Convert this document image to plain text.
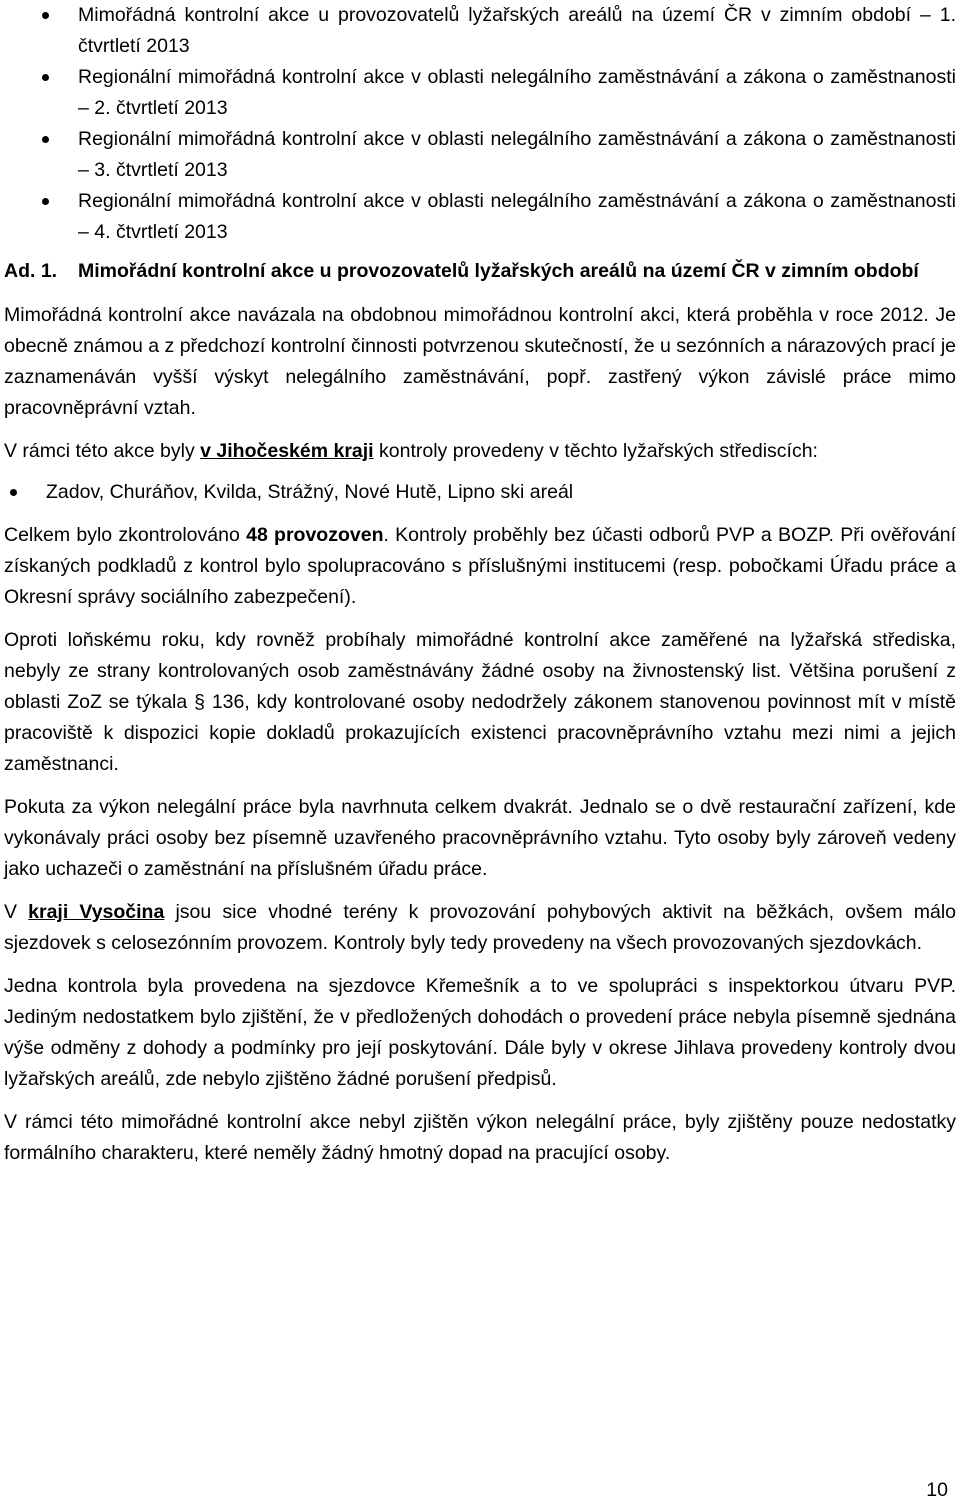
Mimořádná kontrolní akce u provozovatelů lyžařských areálů na území ČR v zimním období – 1. čtvrtletí 2013
Regionální mimořádná kontrolní akce v oblasti nelegálního zaměstnávání a zákona o zaměstnanosti – 2. čtvrtletí 2013
Regionální mimořádná kontrolní akce v oblasti nelegálního zaměstnávání a zákona o zaměstnanosti – 3. čtvrtletí 2013
Regionální mimořádná kontrolní akce v oblasti nelegálního zaměstnávání a zákona o zaměstnanosti – 4. čtvrtletí 2013
Ad. 1.	Mimořádní kontrolní akce u provozovatelů lyžařských areálů na území ČR v zimním období

Mimořádná kontrolní akce navázala na obdobnou mimořádnou kontrolní akci, která proběhla v roce 2012. Je obecně známou a z předchozí kontrolní činnosti potvrzenou skutečností, že u sezónních a nárazových prací je zaznamenáván vyšší výskyt nelegálního zaměstnávání, popř. zastřený výkon závislé práce mimo pracovněprávní vztah.

V rámci této akce byly v Jihočeském kraji kontroly provedeny v těchto lyžařských střediscích:

Zadov, Churáňov, Kvilda, Strážný, Nové Hutě, Lipno ski areál

Celkem bylo zkontrolováno 48 provozoven. Kontroly proběhly bez účasti odborů PVP a BOZP. Při ověřování získaných podkladů z kontrol bylo spolupracováno s příslušnými institucemi (resp. pobočkami Úřadu práce a Okresní správy sociálního zabezpečení).

Oproti loňskému roku, kdy rovněž probíhaly mimořádné kontrolní akce zaměřené na lyžařská střediska, nebyly ze strany kontrolovaných osob zaměstnávány žádné osoby na živnostenský list. Většina porušení z oblasti ZoZ se týkala § 136, kdy kontrolované osoby nedodržely zákonem stanovenou povinnost mít v místě pracoviště k dispozici kopie dokladů prokazujících existenci pracovněprávního vztahu mezi nimi a jejich zaměstnanci.

Pokuta za výkon nelegální práce byla navrhnuta celkem dvakrát. Jednalo se o dvě restaurační zařízení, kde vykonávaly práci osoby bez písemně uzavřeného pracovněprávního vztahu. Tyto osoby byly zároveň vedeny jako uchazeči o zaměstnání na příslušném úřadu práce.

V kraji Vysočina jsou sice vhodné terény k provozování pohybových aktivit na běžkách, ovšem málo sjezdovek s celosezónním provozem. Kontroly byly tedy provedeny na všech provozovaných sjezdovkách.

Jedna kontrola byla provedena na sjezdovce Křemešník a to ve spolupráci s inspektorkou útvaru PVP. Jediným nedostatkem bylo zjištění, že v předložených dohodách o provedení práce nebyla písemně sjednána výše odměny z dohody a podmínky pro její poskytování. Dále byly v okrese Jihlava provedeny kontroly dvou lyžařských areálů, zde nebylo zjištěno žádné porušení předpisů.

V rámci této mimořádné kontrolní akce nebyl zjištěn výkon nelegální práce, byly zjištěny pouze nedostatky formálního charakteru, které neměly žádný hmotný dopad na pracující osoby.

10
